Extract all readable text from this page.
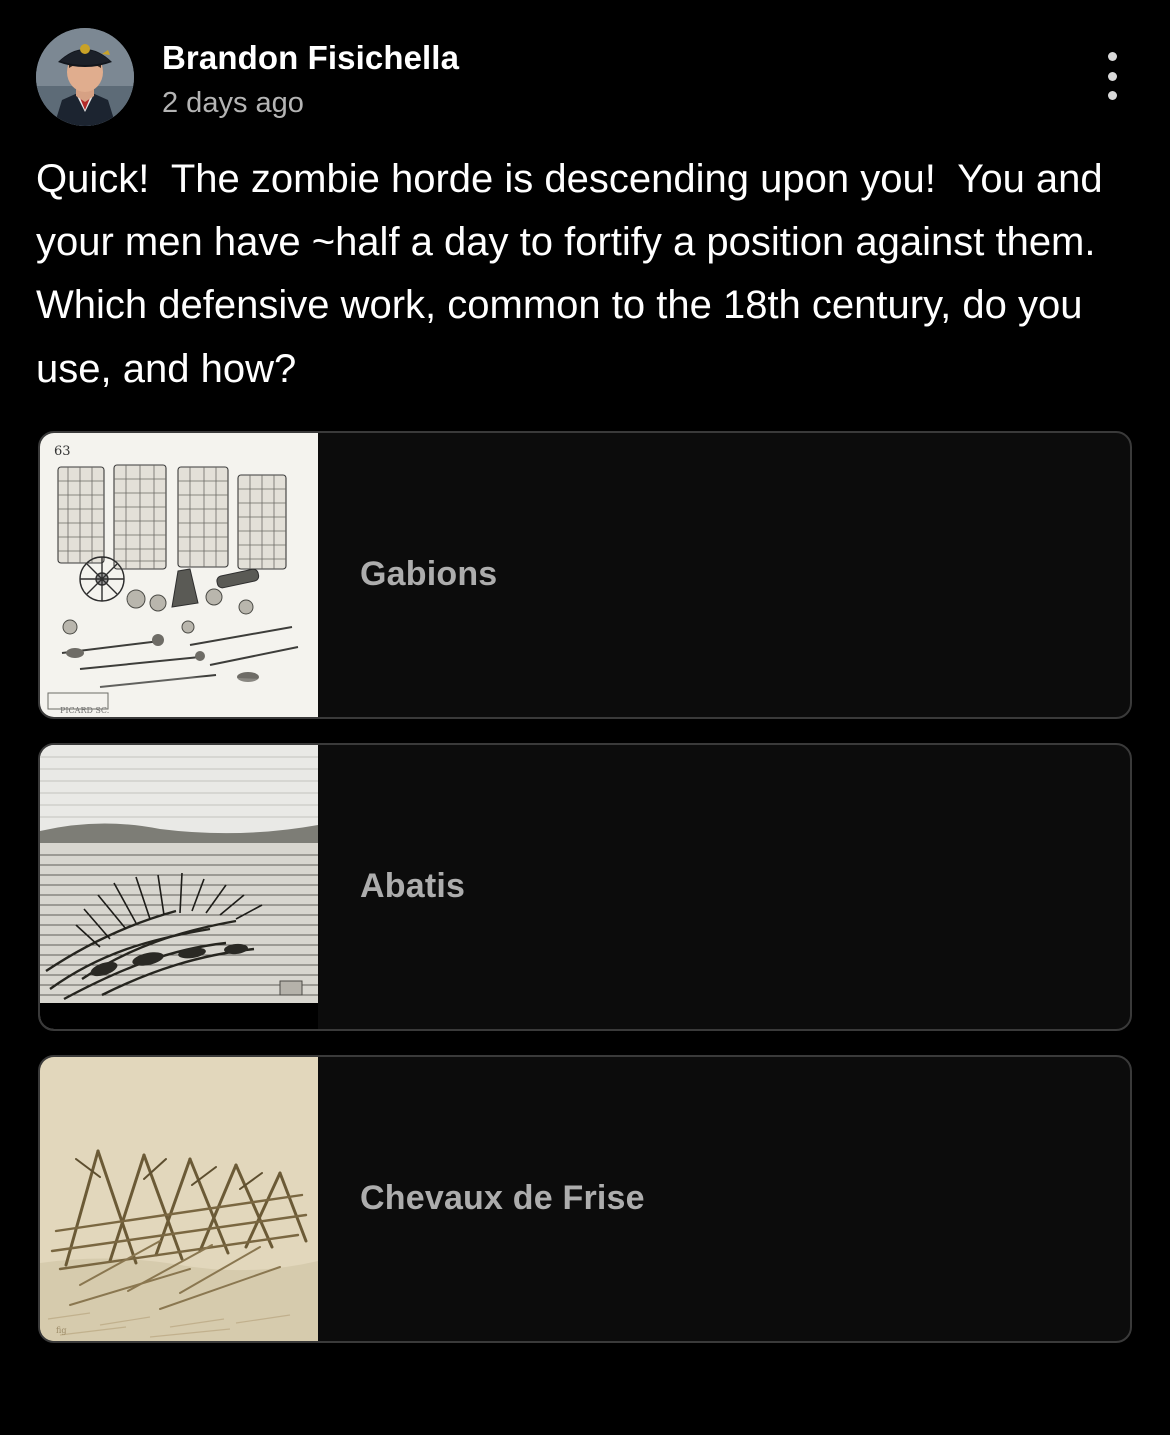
Brandon Fisichella
2 days ago
Quick!  The zombie horde is descending upon you!  You and your men have ~half a day to fortify a position against them.  Which defensive work, common to the 18th century, do you use, and how?
63
PICARD SC.
Gabions
Abatis
fig
Chevaux de Frise
